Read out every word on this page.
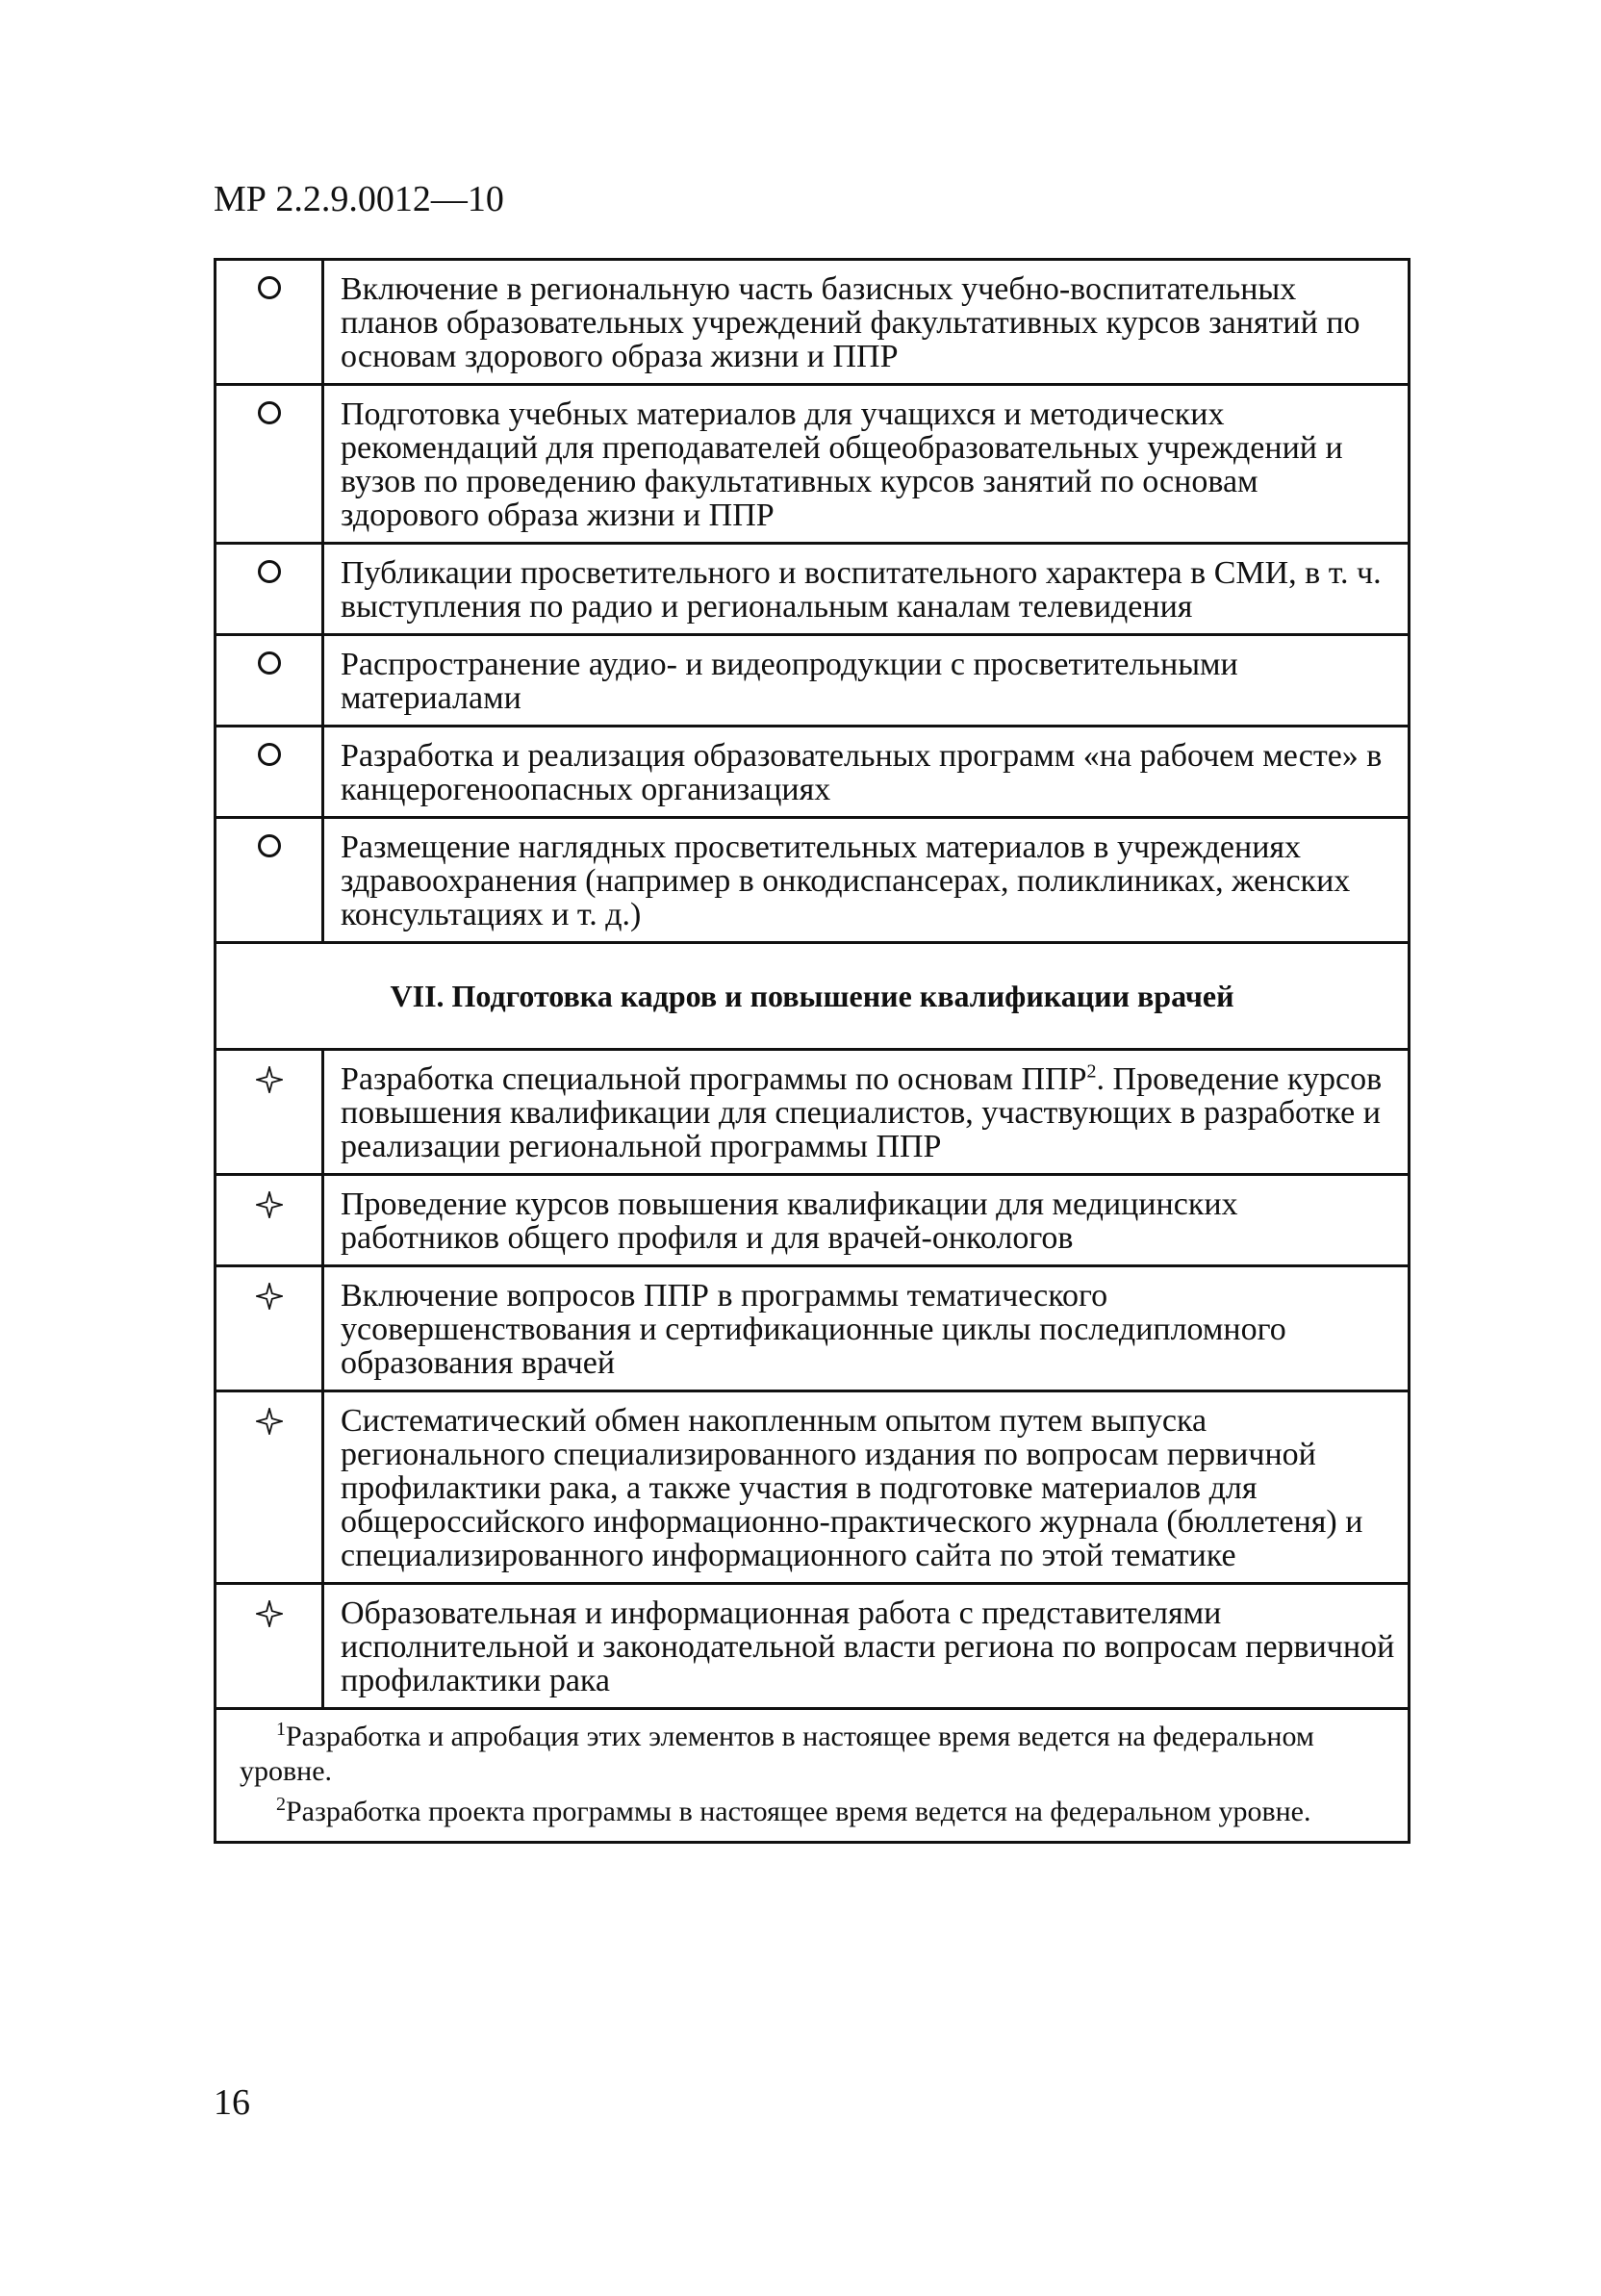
МР 2.2.9.0012—10
	Включение в региональную часть базисных учебно-воспитательных планов образовательных учреждений факультативных курсов занятий по основам здорового образа жизни и ППР
	Подготовка учебных материалов для учащихся и методических рекомендаций для преподавателей общеобразовательных учреждений и вузов по проведению факультативных курсов занятий по основам здорового образа жизни и ППР
	Публикации просветительного и воспитательного характера в СМИ, в т. ч. выступления по радио и региональным каналам телевидения
	Распространение аудио- и видеопродукции с просветительными материалами
	Разработка и реализация образовательных программ «на рабочем месте» в канцерогеноопасных организациях
	Размещение наглядных просветительных материалов в учреждениях здравоохранения (например в онкодиспансерах, поликлиниках, женских консультациях и т. д.)
VII. Подготовка кадров и повышение квалификации врачей	

	Разработка специальной программы по основам ППР$^2$. Проведение курсов повышения квалификации для специалистов, участвующих в разработке и реализации региональной программы ППР

	Проведение курсов повышения квалификации для медицинских работников общего профиля и для врачей-онкологов

	Включение вопросов ППР в программы тематического усовершенствования и сертификационные циклы последипломного образования врачей

	Систематический обмен накопленным опытом путем выпуска регионального специализированного издания по вопросам первичной профилактики рака, а также участия в подготовке материалов для общероссийского информационно-практического журнала (бюллетеня) и специализированного информационного сайта по этой тематике

	Образовательная и информационная работа с представителями исполнительной и законодательной власти региона по вопросам первичной профилактики рака

$^1$Разработка и апробация этих элементов в настоящее время ведется на федеральном уровне.

$^2$Разработка проекта программы в настоящее время ведется на федеральном уровне.	

16
